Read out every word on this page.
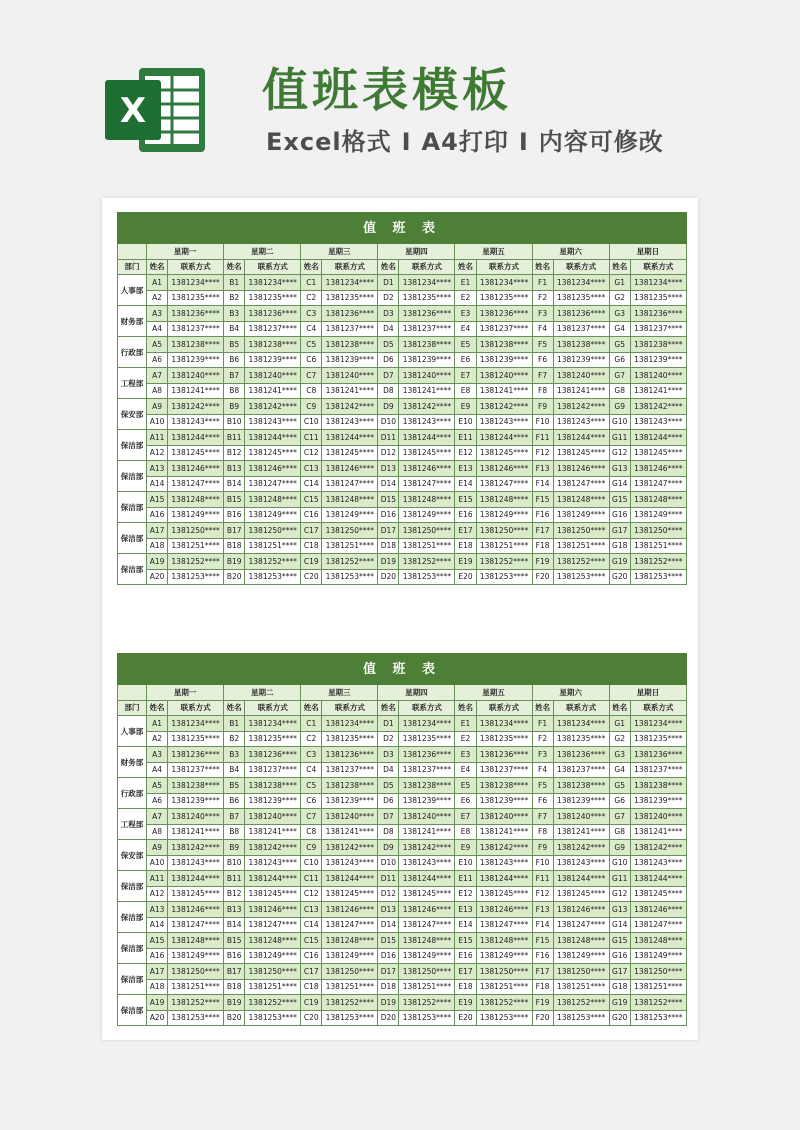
X	值班表模板
Excel格式 I A4打印 I 内容可修改
值 班 表														
	星期一		星期二		星期三		星期四		星期五		星期六		星期日	
部门	姓名	联系方式	姓名	联系方式	姓名	联系方式	姓名	联系方式	姓名	联系方式	姓名	联系方式	姓名	联系方式
人事部	A1	1381234****	B1	1381234****	C1	1381234****	D1	1381234****	E1	1381234****	F1	1381234****	G1	1381234****
	A2	1381235****	B2	1381235****	C2	1381235****	D2	1381235****	E2	1381235****	F2	1381235****	G2	1381235****
财务部	A3	1381236****	B3	1381236****	C3	1381236****	D3	1381236****	E3	1381236****	F3	1381236****	G3	1381236****
	A4	1381237****	B4	1381237****	C4	1381237****	D4	1381237****	E4	1381237****	F4	1381237****	G4	1381237****
行政部	A5	1381238****	B5	1381238****	C5	1381238****	D5	1381238****	E5	1381238****	F5	1381238****	G5	1381238****
	A6	1381239****	B6	1381239****	C6	1381239****	D6	1381239****	E6	1381239****	F6	1381239****	G6	1381239****
工程部	A7	1381240****	B7	1381240****	C7	1381240****	D7	1381240****	E7	1381240****	F7	1381240****	G7	1381240****
	A8	1381241****	B8	1381241****	C8	1381241****	D8	1381241****	E8	1381241****	F8	1381241****	G8	1381241****
保安部	A9	1381242****	B9	1381242****	C9	1381242****	D9	1381242****	E9	1381242****	F9	1381242****	G9	1381242****
	A10	1381243****	B10	1381243****	C10	1381243****	D10	1381243****	E10	1381243****	F10	1381243****	G10	1381243****
保洁部	A11	1381244****	B11	1381244****	C11	1381244****	D11	1381244****	E11	1381244****	F11	1381244****	G11	1381244****
	A12	1381245****	B12	1381245****	C12	1381245****	D12	1381245****	E12	1381245****	F12	1381245****	G12	1381245****
保洁部	A13	1381246****	B13	1381246****	C13	1381246****	D13	1381246****	E13	1381246****	F13	1381246****	G13	1381246****
	A14	1381247****	B14	1381247****	C14	1381247****	D14	1381247****	E14	1381247****	F14	1381247****	G14	1381247****
保洁部	A15	1381248****	B15	1381248****	C15	1381248****	D15	1381248****	E15	1381248****	F15	1381248****	G15	1381248****
	A16	1381249****	B16	1381249****	C16	1381249****	D16	1381249****	E16	1381249****	F16	1381249****	G16	1381249****
保洁部	A17	1381250****	B17	1381250****	C17	1381250****	D17	1381250****	E17	1381250****	F17	1381250****	G17	1381250****
	A18	1381251****	B18	1381251****	C18	1381251****	D18	1381251****	E18	1381251****	F18	1381251****	G18	1381251****
保洁部	A19	1381252****	B19	1381252****	C19	1381252****	D19	1381252****	E19	1381252****	F19	1381252****	G19	1381252****
	A20	1381253****	B20	1381253****	C20	1381253****	D20	1381253****	E20	1381253****	F20	1381253****	G20	1381253****
值 班 表														
	星期一		星期二		星期三		星期四		星期五		星期六		星期日	
部门	姓名	联系方式	姓名	联系方式	姓名	联系方式	姓名	联系方式	姓名	联系方式	姓名	联系方式	姓名	联系方式
人事部	A1	1381234****	B1	1381234****	C1	1381234****	D1	1381234****	E1	1381234****	F1	1381234****	G1	1381234****
	A2	1381235****	B2	1381235****	C2	1381235****	D2	1381235****	E2	1381235****	F2	1381235****	G2	1381235****
财务部	A3	1381236****	B3	1381236****	C3	1381236****	D3	1381236****	E3	1381236****	F3	1381236****	G3	1381236****
	A4	1381237****	B4	1381237****	C4	1381237****	D4	1381237****	E4	1381237****	F4	1381237****	G4	1381237****
行政部	A5	1381238****	B5	1381238****	C5	1381238****	D5	1381238****	E5	1381238****	F5	1381238****	G5	1381238****
	A6	1381239****	B6	1381239****	C6	1381239****	D6	1381239****	E6	1381239****	F6	1381239****	G6	1381239****
工程部	A7	1381240****	B7	1381240****	C7	1381240****	D7	1381240****	E7	1381240****	F7	1381240****	G7	1381240****
	A8	1381241****	B8	1381241****	C8	1381241****	D8	1381241****	E8	1381241****	F8	1381241****	G8	1381241****
保安部	A9	1381242****	B9	1381242****	C9	1381242****	D9	1381242****	E9	1381242****	F9	1381242****	G9	1381242****
	A10	1381243****	B10	1381243****	C10	1381243****	D10	1381243****	E10	1381243****	F10	1381243****	G10	1381243****
保洁部	A11	1381244****	B11	1381244****	C11	1381244****	D11	1381244****	E11	1381244****	F11	1381244****	G11	1381244****
	A12	1381245****	B12	1381245****	C12	1381245****	D12	1381245****	E12	1381245****	F12	1381245****	G12	1381245****
保洁部	A13	1381246****	B13	1381246****	C13	1381246****	D13	1381246****	E13	1381246****	F13	1381246****	G13	1381246****
	A14	1381247****	B14	1381247****	C14	1381247****	D14	1381247****	E14	1381247****	F14	1381247****	G14	1381247****
保洁部	A15	1381248****	B15	1381248****	C15	1381248****	D15	1381248****	E15	1381248****	F15	1381248****	G15	1381248****
	A16	1381249****	B16	1381249****	C16	1381249****	D16	1381249****	E16	1381249****	F16	1381249****	G16	1381249****
保洁部	A17	1381250****	B17	1381250****	C17	1381250****	D17	1381250****	E17	1381250****	F17	1381250****	G17	1381250****
	A18	1381251****	B18	1381251****	C18	1381251****	D18	1381251****	E18	1381251****	F18	1381251****	G18	1381251****
保洁部	A19	1381252****	B19	1381252****	C19	1381252****	D19	1381252****	E19	1381252****	F19	1381252****	G19	1381252****
	A20	1381253****	B20	1381253****	C20	1381253****	D20	1381253****	E20	1381253****	F20	1381253****	G20	1381253****
